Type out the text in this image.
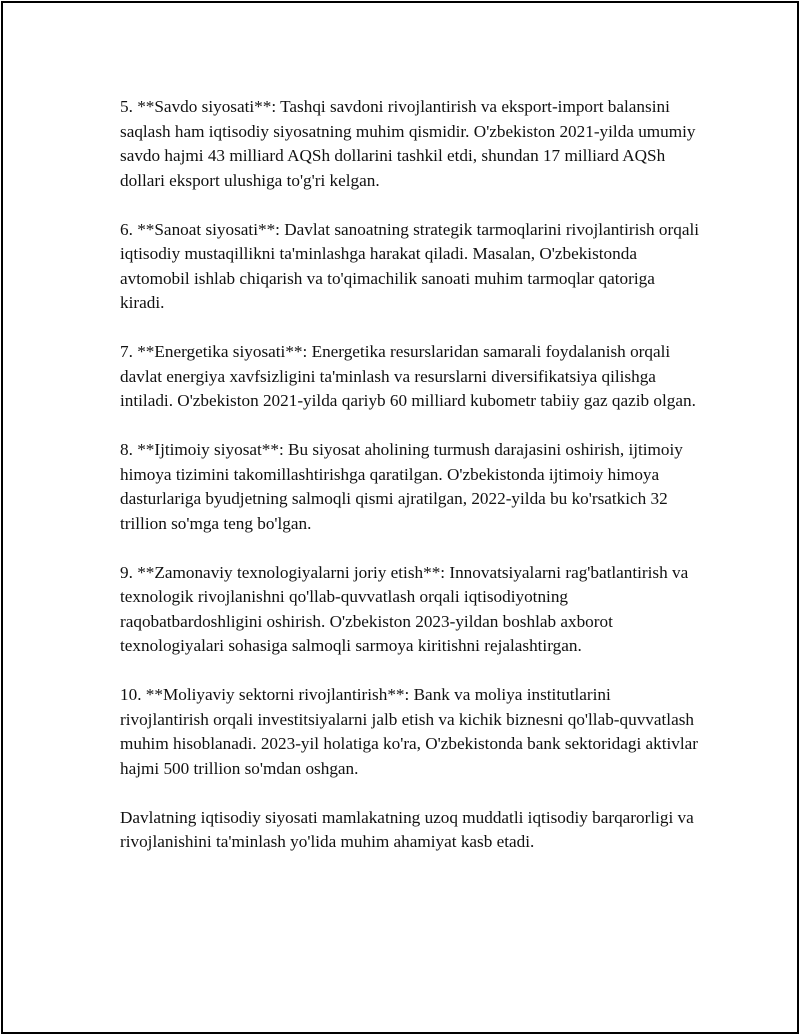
5. **Savdo siyosati**: Tashqi savdoni rivojlantirish va eksport-import balansini saqlash ham iqtisodiy siyosatning muhim qismidir. O'zbekiston 2021-yilda umumiy savdo hajmi 43 milliard AQSh dollarini tashkil etdi, shundan 17 milliard AQSh dollari eksport ulushiga to'g'ri kelgan.

6. **Sanoat siyosati**: Davlat sanoatning strategik tarmoqlarini rivojlantirish orqali iqtisodiy mustaqillikni ta'minlashga harakat qiladi. Masalan, O'zbekistonda avtomobil ishlab chiqarish va to'qimachilik sanoati muhim tarmoqlar qatoriga kiradi.

7. **Energetika siyosati**: Energetika resurslaridan samarali foydalanish orqali davlat energiya xavfsizligini ta'minlash va resurslarni diversifikatsiya qilishga intiladi. O'zbekiston 2021-yilda qariyb 60 milliard kubometr tabiiy gaz qazib olgan.

8. **Ijtimoiy siyosat**: Bu siyosat aholining turmush darajasini oshirish, ijtimoiy himoya tizimini takomillashtirishga qaratilgan. O'zbekistonda ijtimoiy himoya dasturlariga byudjetning salmoqli qismi ajratilgan, 2022-yilda bu ko'rsatkich 32 trillion so'mga teng bo'lgan.

9. **Zamonaviy texnologiyalarni joriy etish**: Innovatsiyalarni rag'batlantirish va texnologik rivojlanishni qo'llab-quvvatlash orqali iqtisodiyotning raqobatbardoshligini oshirish. O'zbekiston 2023-yildan boshlab axborot texnologiyalari sohasiga salmoqli sarmoya kiritishni rejalashtirgan.

10. **Moliyaviy sektorni rivojlantirish**: Bank va moliya institutlarini rivojlantirish orqali investitsiyalarni jalb etish va kichik biznesni qo'llab-quvvatlash muhim hisoblanadi. 2023-yil holatiga ko'ra, O'zbekistonda bank sektoridagi aktivlar hajmi 500 trillion so'mdan oshgan.

Davlatning iqtisodiy siyosati mamlakatning uzoq muddatli iqtisodiy barqarorligi va rivojlanishini ta'minlash yo'lida muhim ahamiyat kasb etadi.
